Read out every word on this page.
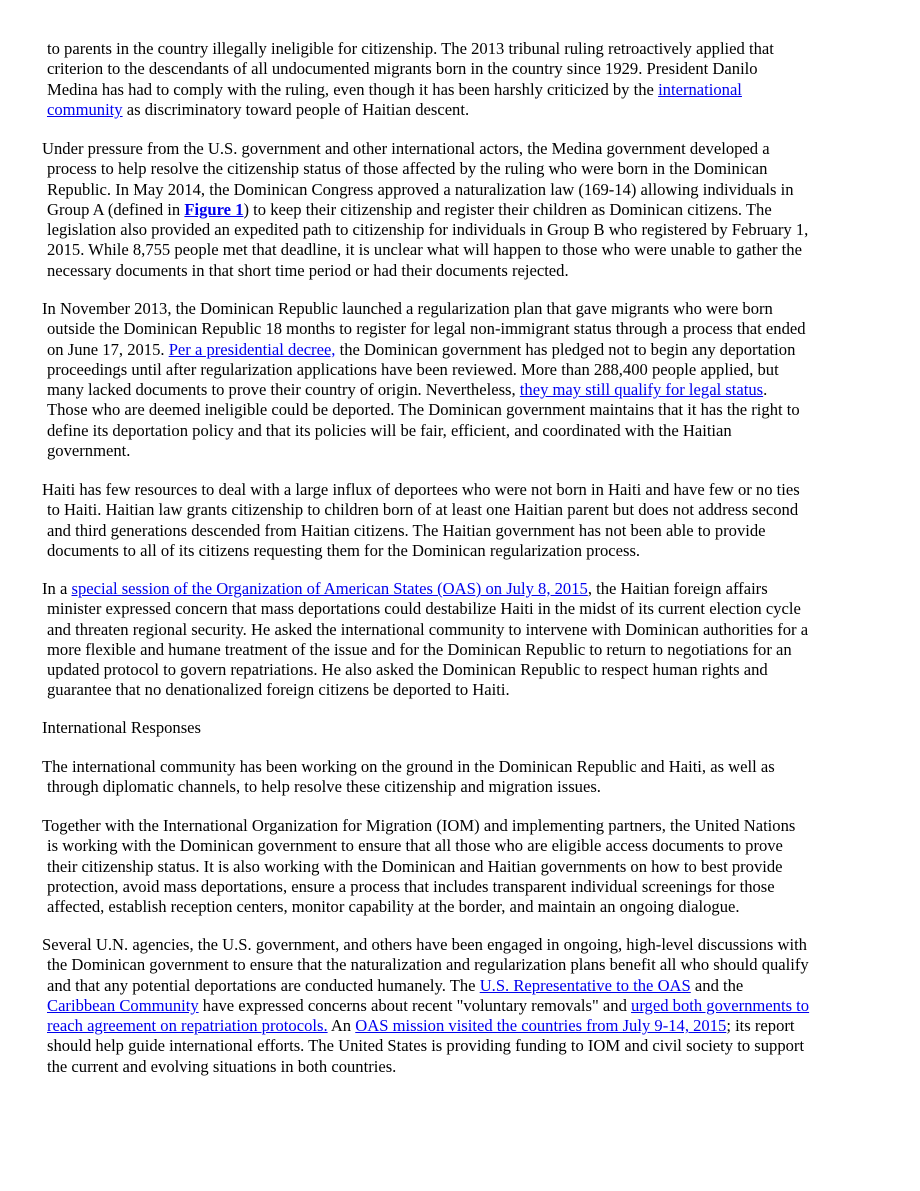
to parents in the country illegally ineligible for citizenship. The 2013 tribunal ruling retroactively applied that
criterion to the descendants of all undocumented migrants born in the country since 1929. President Danilo
Medina has had to comply with the ruling, even though it has been harshly criticized by the international
community as discriminatory toward people of Haitian descent.

Under pressure from the U.S. government and other international actors, the Medina government developed a
process to help resolve the citizenship status of those affected by the ruling who were born in the Dominican
Republic. In May 2014, the Dominican Congress approved a naturalization law (169-14) allowing individuals in
Group A (defined in Figure 1) to keep their citizenship and register their children as Dominican citizens. The
legislation also provided an expedited path to citizenship for individuals in Group B who registered by February 1,
2015. While 8,755 people met that deadline, it is unclear what will happen to those who were unable to gather the
necessary documents in that short time period or had their documents rejected.

In November 2013, the Dominican Republic launched a regularization plan that gave migrants who were born
outside the Dominican Republic 18 months to register for legal non-immigrant status through a process that ended
on June 17, 2015. Per a presidential decree, the Dominican government has pledged not to begin any deportation
proceedings until after regularization applications have been reviewed. More than 288,400 people applied, but
many lacked documents to prove their country of origin. Nevertheless, they may still qualify for legal status.
Those who are deemed ineligible could be deported. The Dominican government maintains that it has the right to
define its deportation policy and that its policies will be fair, efficient, and coordinated with the Haitian
government.

Haiti has few resources to deal with a large influx of deportees who were not born in Haiti and have few or no ties
to Haiti. Haitian law grants citizenship to children born of at least one Haitian parent but does not address second
and third generations descended from Haitian citizens. The Haitian government has not been able to provide
documents to all of its citizens requesting them for the Dominican regularization process.

In a special session of the Organization of American States (OAS) on July 8, 2015, the Haitian foreign affairs
minister expressed concern that mass deportations could destabilize Haiti in the midst of its current election cycle
and threaten regional security. He asked the international community to intervene with Dominican authorities for a
more flexible and humane treatment of the issue and for the Dominican Republic to return to negotiations for an
updated protocol to govern repatriations. He also asked the Dominican Republic to respect human rights and
guarantee that no denationalized foreign citizens be deported to Haiti.

International Responses

The international community has been working on the ground in the Dominican Republic and Haiti, as well as
through diplomatic channels, to help resolve these citizenship and migration issues.

Together with the International Organization for Migration (IOM) and implementing partners, the United Nations
is working with the Dominican government to ensure that all those who are eligible access documents to prove
their citizenship status. It is also working with the Dominican and Haitian governments on how to best provide
protection, avoid mass deportations, ensure a process that includes transparent individual screenings for those
affected, establish reception centers, monitor capability at the border, and maintain an ongoing dialogue.

Several U.N. agencies, the U.S. government, and others have been engaged in ongoing, high-level discussions with
the Dominican government to ensure that the naturalization and regularization plans benefit all who should qualify
and that any potential deportations are conducted humanely. The U.S. Representative to the OAS and the
Caribbean Community have expressed concerns about recent "voluntary removals" and urged both governments to
reach agreement on repatriation protocols. An OAS mission visited the countries from July 9-14, 2015; its report
should help guide international efforts. The United States is providing funding to IOM and civil society to support
the current and evolving situations in both countries.
